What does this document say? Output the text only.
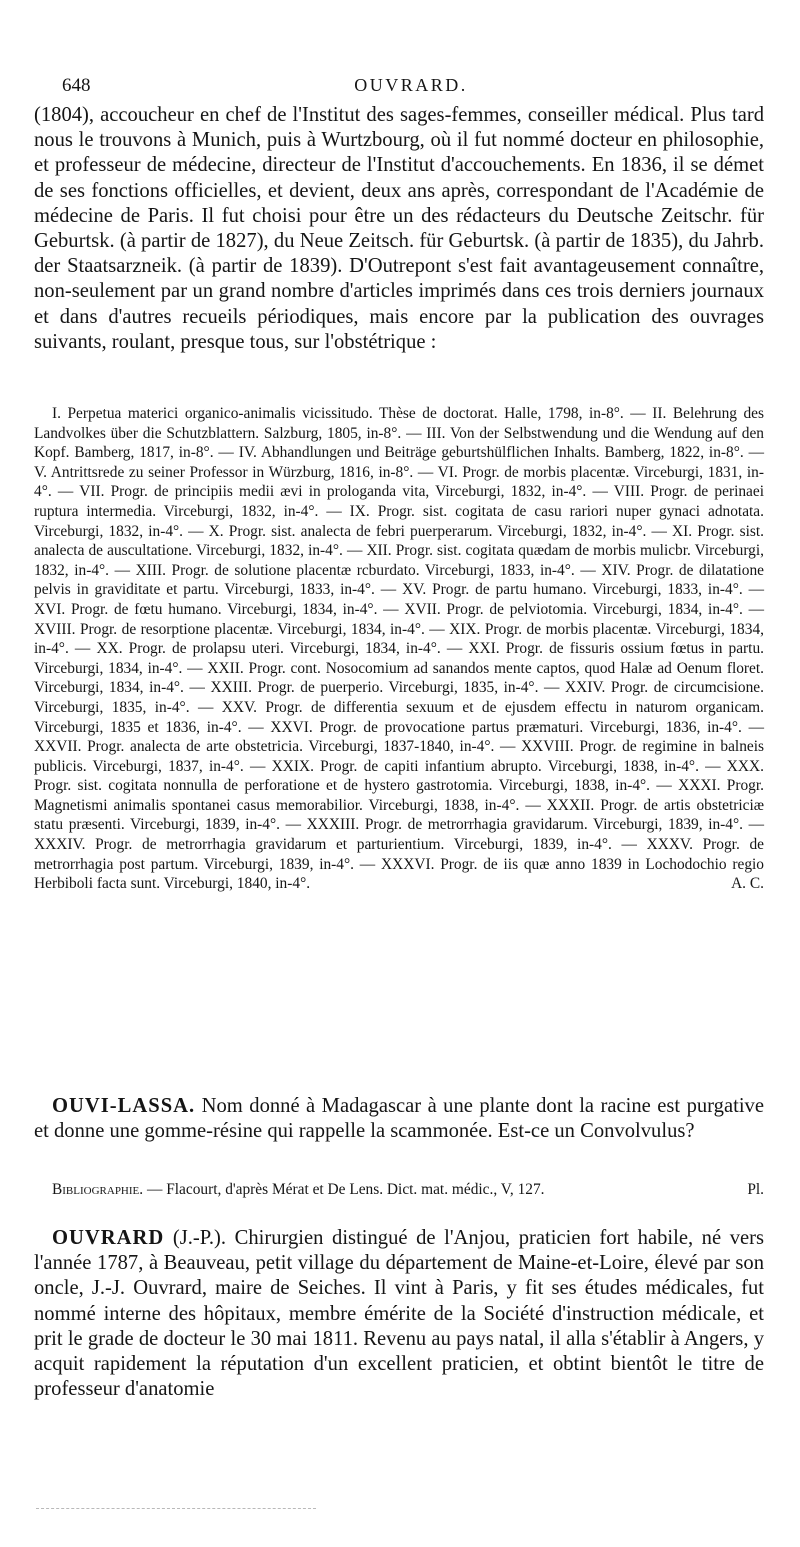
648	OUVRARD.

(1804), accoucheur en chef de l'Institut des sages-femmes, conseiller médical. Plus tard nous le trouvons à Munich, puis à Wurtzbourg, où il fut nommé docteur en philosophie, et professeur de médecine, directeur de l'Institut d'accouchements. En 1836, il se démet de ses fonctions officielles, et devient, deux ans après, correspondant de l'Académie de médecine de Paris. Il fut choisi pour être un des rédacteurs du Deutsche Zeitschr. für Geburtsk. (à partir de 1827), du Neue Zeitsch. für Geburtsk. (à partir de 1835), du Jahrb. der Staatsarzneik. (à partir de 1839). D'Outrepont s'est fait avantageusement connaître, non-seulement par un grand nombre d'articles imprimés dans ces trois derniers journaux et dans d'autres recueils périodiques, mais encore par la publication des ouvrages suivants, roulant, presque tous, sur l'obstétrique :

I. Perpetua materici organico-animalis vicissitudo. Thèse de doctorat. Halle, 1798, in-8°. — II. Belehrung des Landvolkes über die Schutzblattern. Salzburg, 1805, in-8°. — III. Von der Selbstwendung und die Wendung auf den Kopf. Bamberg, 1817, in-8°. — IV. Abhandlungen und Beiträge geburtshülflichen Inhalts. Bamberg, 1822, in-8°. — V. Antrittsrede zu seiner Professor in Würzburg, 1816, in-8°. — VI. Progr. de morbis placentæ. Virceburgi, 1831, in-4°. — VII. Progr. de principiis medii ævi in prologanda vita, Virceburgi, 1832, in-4°. — VIII. Progr. de perinaei ruptura intermedia. Virceburgi, 1832, in-4°. — IX. Progr. sist. cogitata de casu rariori nuper gynaci adnotata. Virceburgi, 1832, in-4°. — X. Progr. sist. analecta de febri puerperarum. Virceburgi, 1832, in-4°. — XI. Progr. sist. analecta de auscultatione. Virceburgi, 1832, in-4°. — XII. Progr. sist. cogitata quædam de morbis mulicbr. Virceburgi, 1832, in-4°. — XIII. Progr. de solutione placentæ rcburdato. Virceburgi, 1833, in-4°. — XIV. Progr. de dilatatione pelvis in graviditate et partu. Virceburgi, 1833, in-4°. — XV. Progr. de partu humano. Virceburgi, 1833, in-4°. — XVI. Progr. de fœtu humano. Virceburgi, 1834, in-4°. — XVII. Progr. de pelviotomia. Virceburgi, 1834, in-4°. — XVIII. Progr. de resorptione placentæ. Virceburgi, 1834, in-4°. — XIX. Progr. de morbis placentæ. Virceburgi, 1834, in-4°. — XX. Progr. de prolapsu uteri. Virceburgi, 1834, in-4°. — XXI. Progr. de fissuris ossium fœtus in partu. Virceburgi, 1834, in-4°. — XXII. Progr. cont. Nosocomium ad sanandos mente captos, quod Halæ ad Oenum floret. Virceburgi, 1834, in-4°. — XXIII. Progr. de puerperio. Virceburgi, 1835, in-4°. — XXIV. Progr. de circumcisione. Virceburgi, 1835, in-4°. — XXV. Progr. de differentia sexuum et de ejusdem effectu in naturom organicam. Virceburgi, 1835 et 1836, in-4°. — XXVI. Progr. de provocatione partus præmaturi. Virceburgi, 1836, in-4°. — XXVII. Progr. analecta de arte obstetricia. Virceburgi, 1837-1840, in-4°. — XXVIII. Progr. de regimine in balneis publicis. Virceburgi, 1837, in-4°. — XXIX. Progr. de capiti infantium abrupto. Virceburgi, 1838, in-4°. — XXX. Progr. sist. cogitata nonnulla de perforatione et de hystero gastrotomia. Virceburgi, 1838, in-4°. — XXXI. Progr. Magnetismi animalis spontanei casus memorabilior. Virceburgi, 1838, in-4°. — XXXII. Progr. de artis obstetriciæ statu præsenti. Virceburgi, 1839, in-4°. — XXXIII. Progr. de metrorrhagia gravidarum. Virceburgi, 1839, in-4°. — XXXIV. Progr. de metrorrhagia gravidarum et parturientium. Virceburgi, 1839, in-4°. — XXXV. Progr. de metrorrhagia post partum. Virceburgi, 1839, in-4°. — XXXVI. Progr. de iis quæ anno 1839 in Lochodochio regio Herbiboli facta sunt. Virceburgi, 1840, in-4°.	A. C.

OUVI-LASSA. Nom donné à Madagascar à une plante dont la racine est purgative et donne une gomme-résine qui rappelle la scammonée. Est-ce un Convolvulus?

Bibliographie. — Flacourt, d'après Mérat et De Lens. Dict. mat. médic., V, 127.	Pl.

OUVRARD (J.-P.). Chirurgien distingué de l'Anjou, praticien fort habile, né vers l'année 1787, à Beauveau, petit village du département de Maine-et-Loire, élevé par son oncle, J.-J. Ouvrard, maire de Seiches. Il vint à Paris, y fit ses études médicales, fut nommé interne des hôpitaux, membre émérite de la Société d'instruction médicale, et prit le grade de docteur le 30 mai 1811. Revenu au pays natal, il alla s'établir à Angers, y acquit rapidement la réputation d'un excellent praticien, et obtint bientôt le titre de professeur d'anatomie
